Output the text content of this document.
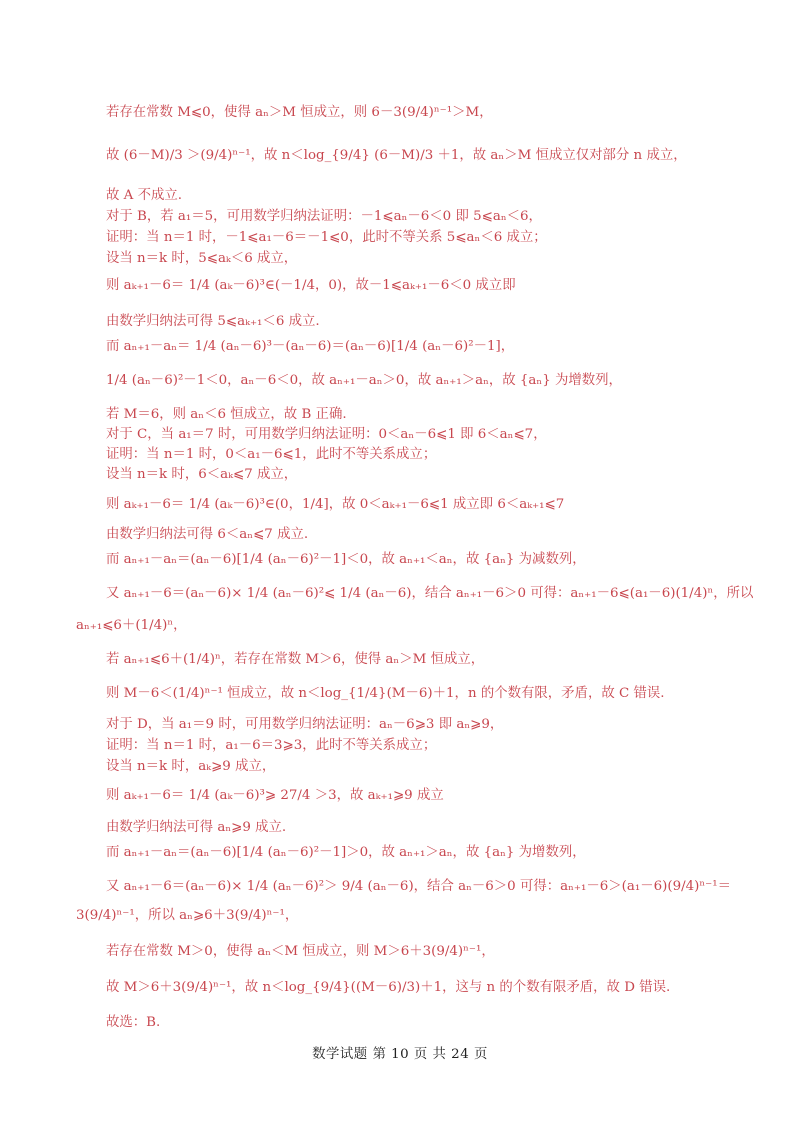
若存在常数 M⩽0，使得 aₙ＞M 恒成立，则 6－3(9/4)ⁿ⁻¹＞M，
故 (6－M)/3 ＞(9/4)ⁿ⁻¹，故 n＜log_{9/4} (6－M)/3 ＋1，故 aₙ＞M 恒成立仅对部分 n 成立，
故 A 不成立.
对于 B，若 a₁＝5，可用数学归纳法证明：－1⩽aₙ－6＜0 即 5⩽aₙ＜6，
证明：当 n＝1 时，－1⩽a₁－6＝－1⩽0，此时不等关系 5⩽aₙ＜6 成立；
设当 n＝k 时，5⩽aₖ＜6 成立，
则 aₖ₊₁－6＝ 1/4 (aₖ－6)³∈(－1/4，0)，故－1⩽aₖ₊₁－6＜0 成立即
由数学归纳法可得 5⩽aₖ₊₁＜6 成立.
而 aₙ₊₁－aₙ＝ 1/4 (aₙ－6)³－(aₙ－6)＝(aₙ－6)[1/4 (aₙ－6)²－1]，
1/4 (aₙ－6)²－1＜0，aₙ－6＜0，故 aₙ₊₁－aₙ＞0，故 aₙ₊₁＞aₙ，故 {aₙ} 为增数列，
若 M＝6，则 aₙ＜6 恒成立，故 B 正确.
对于 C，当 a₁＝7 时，可用数学归纳法证明：0＜aₙ－6⩽1 即 6＜aₙ⩽7，
证明：当 n＝1 时，0＜a₁－6⩽1，此时不等关系成立；
设当 n＝k 时，6＜aₖ⩽7 成立，
则 aₖ₊₁－6＝ 1/4 (aₖ－6)³∈(0，1/4]，故 0＜aₖ₊₁－6⩽1 成立即 6＜aₖ₊₁⩽7
由数学归纳法可得 6＜aₙ⩽7 成立.
而 aₙ₊₁－aₙ＝(aₙ－6)[1/4 (aₙ－6)²－1]＜0，故 aₙ₊₁＜aₙ，故 {aₙ} 为减数列，
又 aₙ₊₁－6＝(aₙ－6)× 1/4 (aₙ－6)²⩽ 1/4 (aₙ－6)，结合 aₙ₊₁－6＞0 可得：aₙ₊₁－6⩽(a₁－6)(1/4)ⁿ，所以
aₙ₊₁⩽6＋(1/4)ⁿ，
若 aₙ₊₁⩽6＋(1/4)ⁿ，若存在常数 M＞6，使得 aₙ＞M 恒成立，
则 M－6＜(1/4)ⁿ⁻¹ 恒成立，故 n＜log_{1/4}(M－6)＋1，n 的个数有限，矛盾，故 C 错误.
对于 D，当 a₁＝9 时，可用数学归纳法证明：aₙ－6⩾3 即 aₙ⩾9，
证明：当 n＝1 时，a₁－6＝3⩾3，此时不等关系成立；
设当 n＝k 时，aₖ⩾9 成立，
则 aₖ₊₁－6＝ 1/4 (aₖ－6)³⩾ 27/4 ＞3，故 aₖ₊₁⩾9 成立
由数学归纳法可得 aₙ⩾9 成立.
而 aₙ₊₁－aₙ＝(aₙ－6)[1/4 (aₙ－6)²－1]＞0，故 aₙ₊₁＞aₙ，故 {aₙ} 为增数列，
又 aₙ₊₁－6＝(aₙ－6)× 1/4 (aₙ－6)²＞ 9/4 (aₙ－6)，结合 aₙ－6＞0 可得：aₙ₊₁－6＞(a₁－6)(9/4)ⁿ⁻¹＝
3(9/4)ⁿ⁻¹，所以 aₙ⩾6＋3(9/4)ⁿ⁻¹，
若存在常数 M＞0，使得 aₙ＜M 恒成立，则 M＞6＋3(9/4)ⁿ⁻¹，
故 M＞6＋3(9/4)ⁿ⁻¹，故 n＜log_{9/4}((M－6)/3)＋1，这与 n 的个数有限矛盾，故 D 错误.
故选：B.
数学试题 第 10 页 共 24 页
